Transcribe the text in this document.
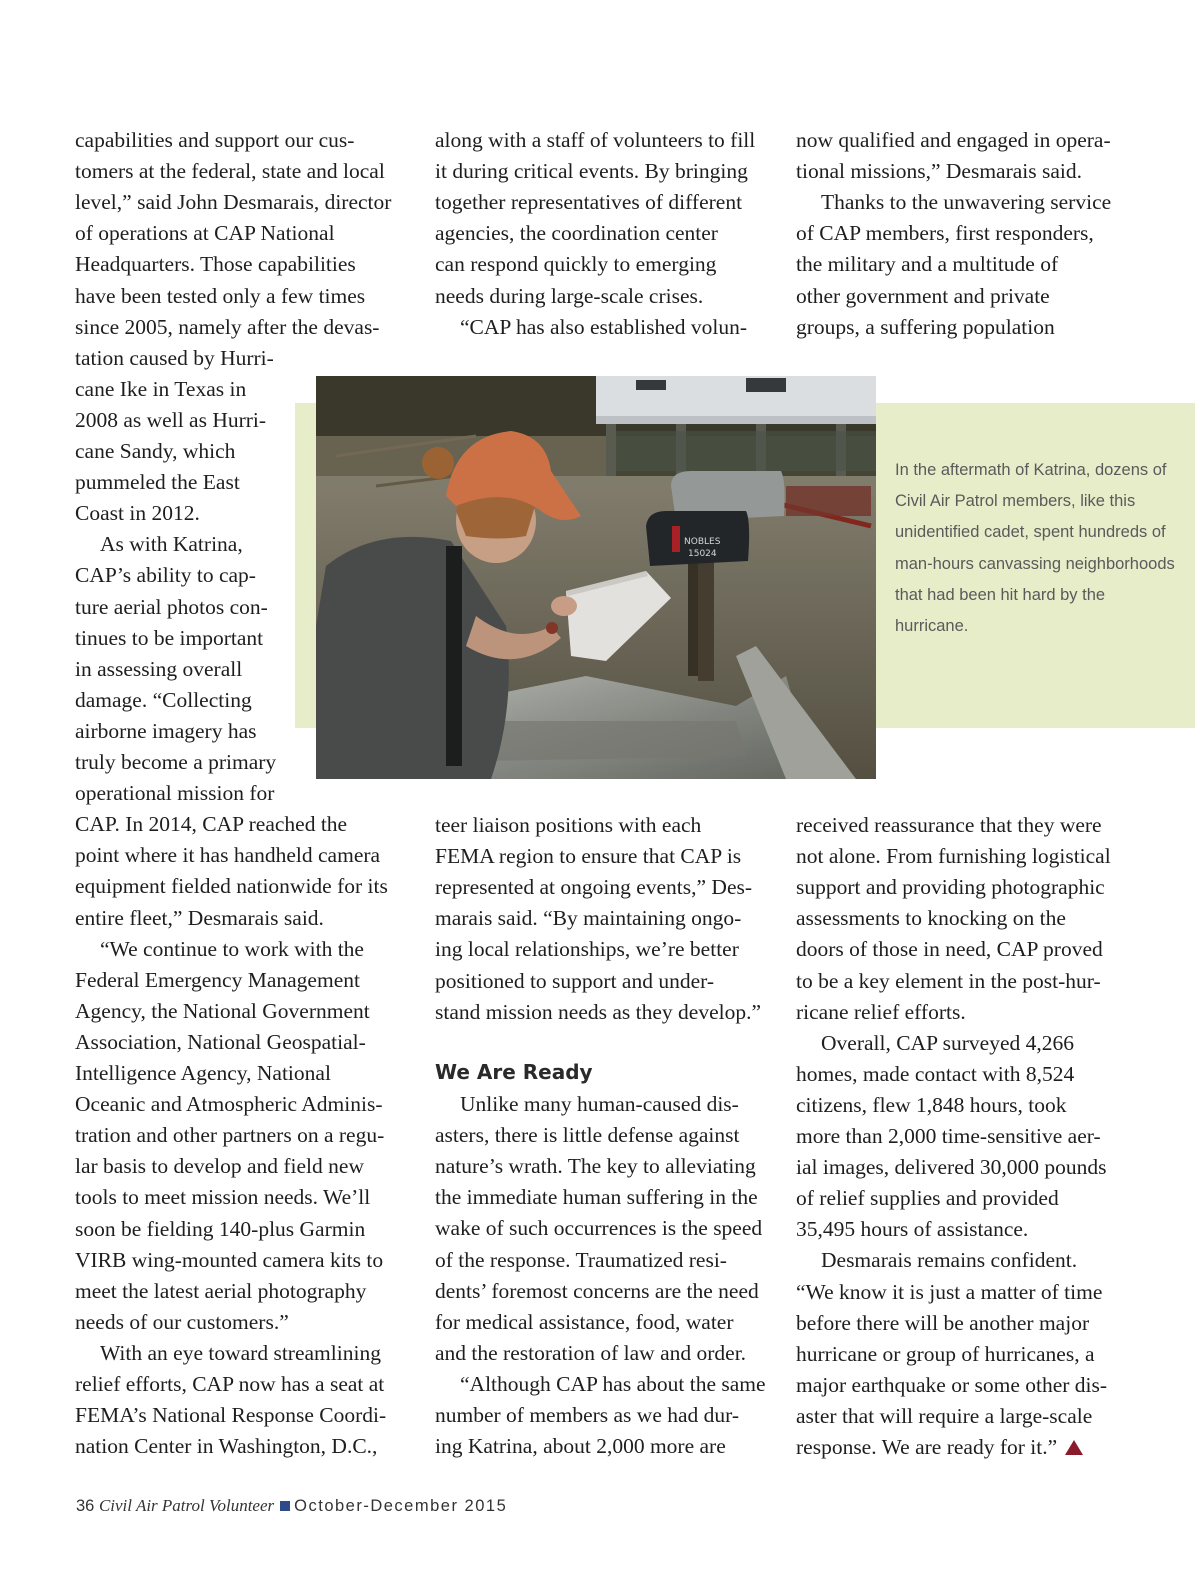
NOBLES
15024
In the aftermath of Katrina, dozens of Civil Air Patrol members, like this unidentified cadet, spent hundreds of man-hours canvassing neighborhoods that had been hit hard by the hurricane.
capabilities and support our cus-
tomers at the federal, state and local
level,” said John Desmarais, director
of operations at CAP National
Headquarters. Those capabilities
have been tested only a few times
since 2005, namely after the devas-
tation caused by Hurri-
cane Ike in Texas in
2008 as well as Hurri-
cane Sandy, which
pummeled the East
Coast in 2012.
As with Katrina,
CAP’s ability to cap-
ture aerial photos con-
tinues to be important
in assessing overall
damage. “Collecting
airborne imagery has
truly become a primary
operational mission for
CAP. In 2014, CAP reached the
point where it has handheld camera
equipment fielded nationwide for its
entire fleet,” Desmarais said.
“We continue to work with the
Federal Emergency Management
Agency, the National Government
Association, National Geospatial-
Intelligence Agency, National
Oceanic and Atmospheric Adminis-
tration and other partners on a regu-
lar basis to develop and field new
tools to meet mission needs. We’ll
soon be fielding 140-plus Garmin
VIRB wing-mounted camera kits to
meet the latest aerial photography
needs of our customers.”
With an eye toward streamlining
relief efforts, CAP now has a seat at
FEMA’s National Response Coordi-
nation Center in Washington, D.C.,
along with a staff of volunteers to fill
it during critical events. By bringing
together representatives of different
agencies, the coordination center
can respond quickly to emerging
needs during large-scale crises.
“CAP has also established volun-
teer liaison positions with each
FEMA region to ensure that CAP is
represented at ongoing events,” Des-
marais said. “By maintaining ongo-
ing local relationships, we’re better
positioned to support and under-
stand mission needs as they develop.”
We Are Ready
Unlike many human-caused dis-
asters, there is little defense against
nature’s wrath. The key to alleviating
the immediate human suffering in the
wake of such occurrences is the speed
of the response. Traumatized resi-
dents’ foremost concerns are the need
for medical assistance, food, water
and the restoration of law and order.
“Although CAP has about the same
number of members as we had dur-
ing Katrina, about 2,000 more are
now qualified and engaged in opera-
tional missions,” Desmarais said.
Thanks to the unwavering service
of CAP members, first responders,
the military and a multitude of
other government and private
groups, a suffering population
received reassurance that they were
not alone. From furnishing logistical
support and providing photographic
assessments to knocking on the
doors of those in need, CAP proved
to be a key element in the post-hur-
ricane relief efforts.
Overall, CAP surveyed 4,266
homes, made contact with 8,524
citizens, flew 1,848 hours, took
more than 2,000 time-sensitive aer-
ial images, delivered 30,000 pounds
of relief supplies and provided
35,495 hours of assistance.
Desmarais remains confident.
“We know it is just a matter of time
before there will be another major
hurricane or group of hurricanes, a
major earthquake or some other dis-
aster that will require a large-scale
response. We are ready for it.”
36 Civil Air Patrol Volunteer October-December 2015
